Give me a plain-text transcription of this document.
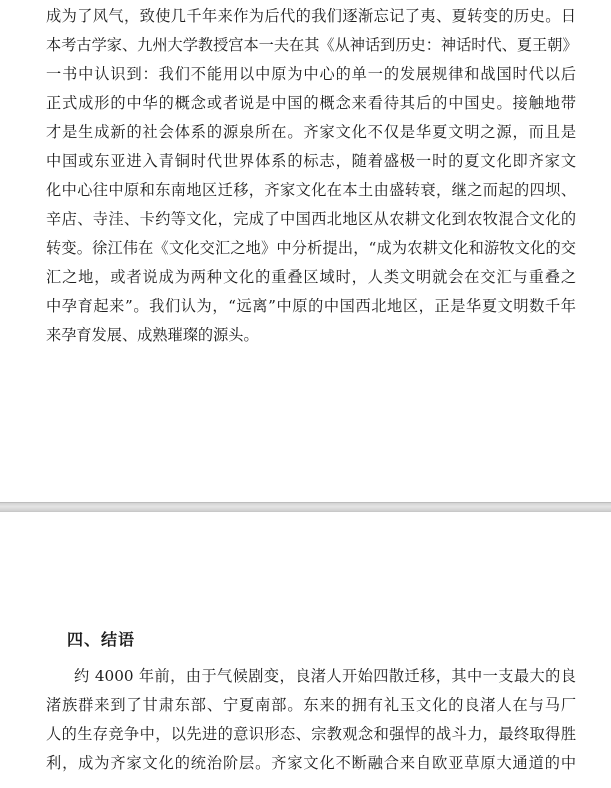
成为了风气，致使几千年来作为后代的我们逐渐忘记了夷、夏转变的历史。日
本考古学家、九州大学教授宫本一夫在其《从神话到历史：神话时代、夏王朝》
一书中认识到：我们不能用以中原为中心的单一的发展规律和战国时代以后
正式成形的中华的概念或者说是中国的概念来看待其后的中国史。接触地带
才是生成新的社会体系的源泉所在。齐家文化不仅是华夏文明之源，而且是
中国或东亚进入青铜时代世界体系的标志，随着盛极一时的夏文化即齐家文
化中心往中原和东南地区迁移，齐家文化在本土由盛转衰，继之而起的四坝、
辛店、寺洼、卡约等文化，完成了中国西北地区从农耕文化到农牧混合文化的
转变。徐江伟在《文化交汇之地》中分析提出，“成为农耕文化和游牧文化的交
汇之地，或者说成为两种文化的重叠区域时，人类文明就会在交汇与重叠之
中孕育起来”。我们认为，“远离”中原的中国西北地区，正是华夏文明数千年
来孕育发展、成熟璀璨的源头。
四、结语
约 4000 年前，由于气候剧变，良渚人开始四散迁移，其中一支最大的良
渚族群来到了甘肃东部、宁夏南部。东来的拥有礼玉文化的良渚人在与马厂
人的生存竞争中，以先进的意识形态、宗教观念和强悍的战斗力，最终取得胜
利，成为齐家文化的统治阶层。齐家文化不断融合来自欧亚草原大通道的中
